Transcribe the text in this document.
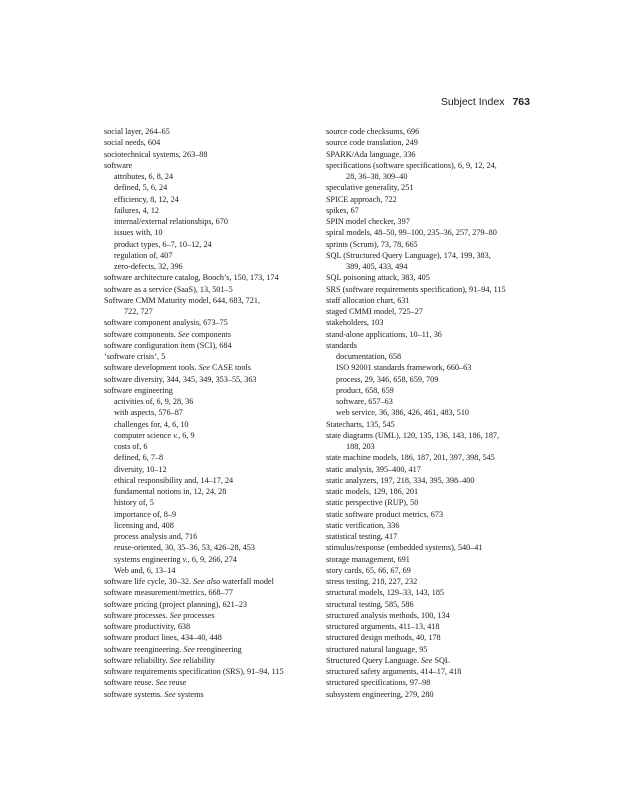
Subject Index 763
social layer, 264–65
social needs, 604
sociotechnical systems, 263–88
software
attributes, 6, 8, 24
defined, 5, 6, 24
efficiency, 8, 12, 24
failures, 4, 12
internal/external relationships, 670
issues with, 10
product types, 6–7, 10–12, 24
regulation of, 407
zero-defects, 32, 396
software architecture catalog, Booch’s, 150, 173, 174
software as a service (SaaS), 13, 501–5
Software CMM Maturity model, 644, 683, 721,
722, 727
software component analysis, 673–75
software components. See components
software configuration item (SCI), 684
‘software crisis’, 5
software development tools. See CASE tools
software diversity, 344, 345, 349, 353–55, 363
software engineering
activities of, 6, 9, 28, 36
with aspects, 576–87
challenges for, 4, 6, 10
computer science v., 6, 9
costs of, 6
defined, 6, 7–8
diversity, 10–12
ethical responsibility and, 14–17, 24
fundamental notions in, 12, 24, 28
history of, 5
importance of, 8–9
licensing and, 408
process analysis and, 716
reuse-oriented, 30, 35–36, 53, 426–28, 453
systems engineering v., 6, 9, 266, 274
Web and, 6, 13–14
software life cycle, 30–32. See also waterfall model
software measurement/metrics, 668–77
software pricing (project planning), 621–23
software processes. See processes
software productivity, 638
software product lines, 434–40, 448
software reengineering. See reengineering
software reliability. See reliability
software requirements specification (SRS), 91–94, 115
software reuse. See reuse
software systems. See systems
source code checksums, 696
source code translation, 249
SPARK/Ada language, 336
specifications (software specifications), 6, 9, 12, 24,
28, 36–38, 309–40
speculative generality, 251
SPICE approach, 722
spikes, 67
SPIN model checker, 397
spiral models, 48–50, 99–100, 235–36, 257, 279–80
sprints (Scrum), 73, 78, 665
SQL (Structured Query Language), 174, 199, 383,
389, 405, 433, 494
SQL poisoning attack, 383, 405
SRS (software requirements specification), 91–94, 115
staff allocation chart, 631
staged CMMI model, 725–27
stakeholders, 103
stand-alone applications, 10–11, 36
standards
documentation, 658
ISO 92001 standards framework, 660–63
process, 29, 346, 658, 659, 709
product, 658, 659
software, 657–63
web service, 36, 386, 426, 461, 483, 510
Statecharts, 135, 545
state diagrams (UML), 120, 135, 136, 143, 186, 187,
188, 203
state machine models, 186, 187, 201, 397, 398, 545
static analysis, 395–400, 417
static analyzers, 197, 218, 334, 395, 398–400
static models, 129, 186, 201
static perspective (RUP), 50
static software product metrics, 673
static verification, 336
statistical testing, 417
stimulus/response (embedded systems), 540–41
storage management, 691
story cards, 65, 66, 67, 69
stress testing, 218, 227, 232
structural models, 129–33, 143, 185
structural testing, 585, 586
structured analysis methods, 100, 134
structured arguments, 411–13, 418
structured design methods, 40, 178
structured natural language, 95
Structured Query Language. See SQL
structured safety arguments, 414–17, 418
structured specifications, 97–98
subsystem engineering, 279, 280
